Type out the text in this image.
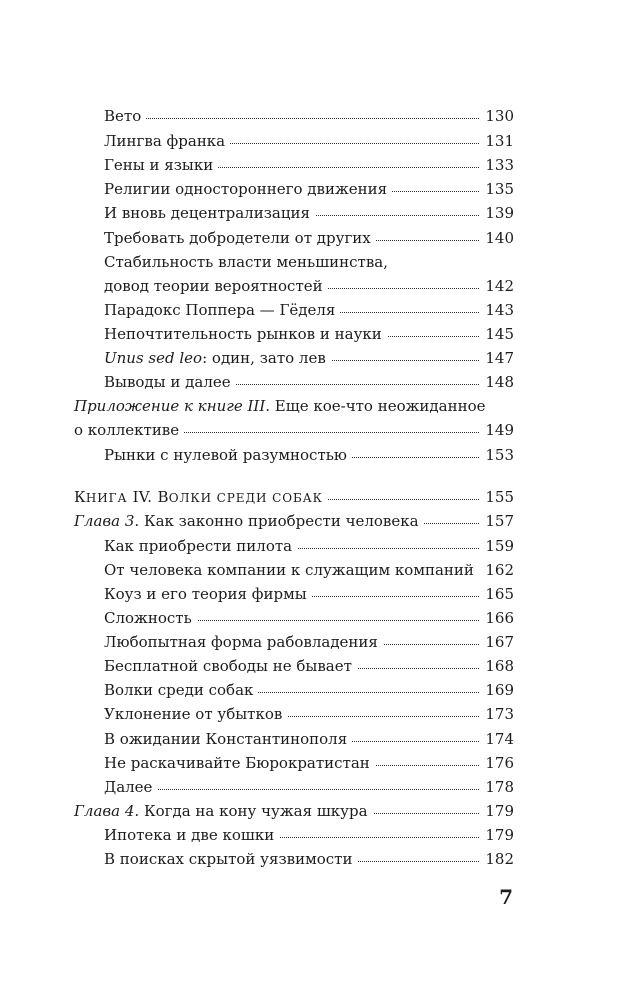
Вето	130
Лингва франка	131
Гены и языки	133
Религии одностороннего движения	135
И вновь децентрализация	139
Требовать добродетели от других	140
Стабильность власти меньшинства,
довод теории вероятностей	142
Парадокс Поппера — Гёделя	143
Непочтительность рынков и науки	145
Unus sed leo: один, зато лев	147
Выводы и далее	148
Приложение к книге III. Еще кое-что неожиданное
о коллективе	149
Рынки с нулевой разумностью	153
КНИГА IV. ВОЛКИ СРЕДИ СОБАК	155
Глава 3. Как законно приобрести человека	157
Как приобрести пилота	159
От человека компании к служащим компаний 162
Коуз и его теория фирмы	165
Сложность	166
Любопытная форма рабовладения	167
Бесплатной свободы не бывает	168
Волки среди собак	169
Уклонение от убытков	173
В ожидании Константинополя	174
Не раскачивайте Бюрократистан	176
Далее	178
Глава 4. Когда на кону чужая шкура	179
Ипотека и две кошки	179
В поисках скрытой уязвимости	182
7
